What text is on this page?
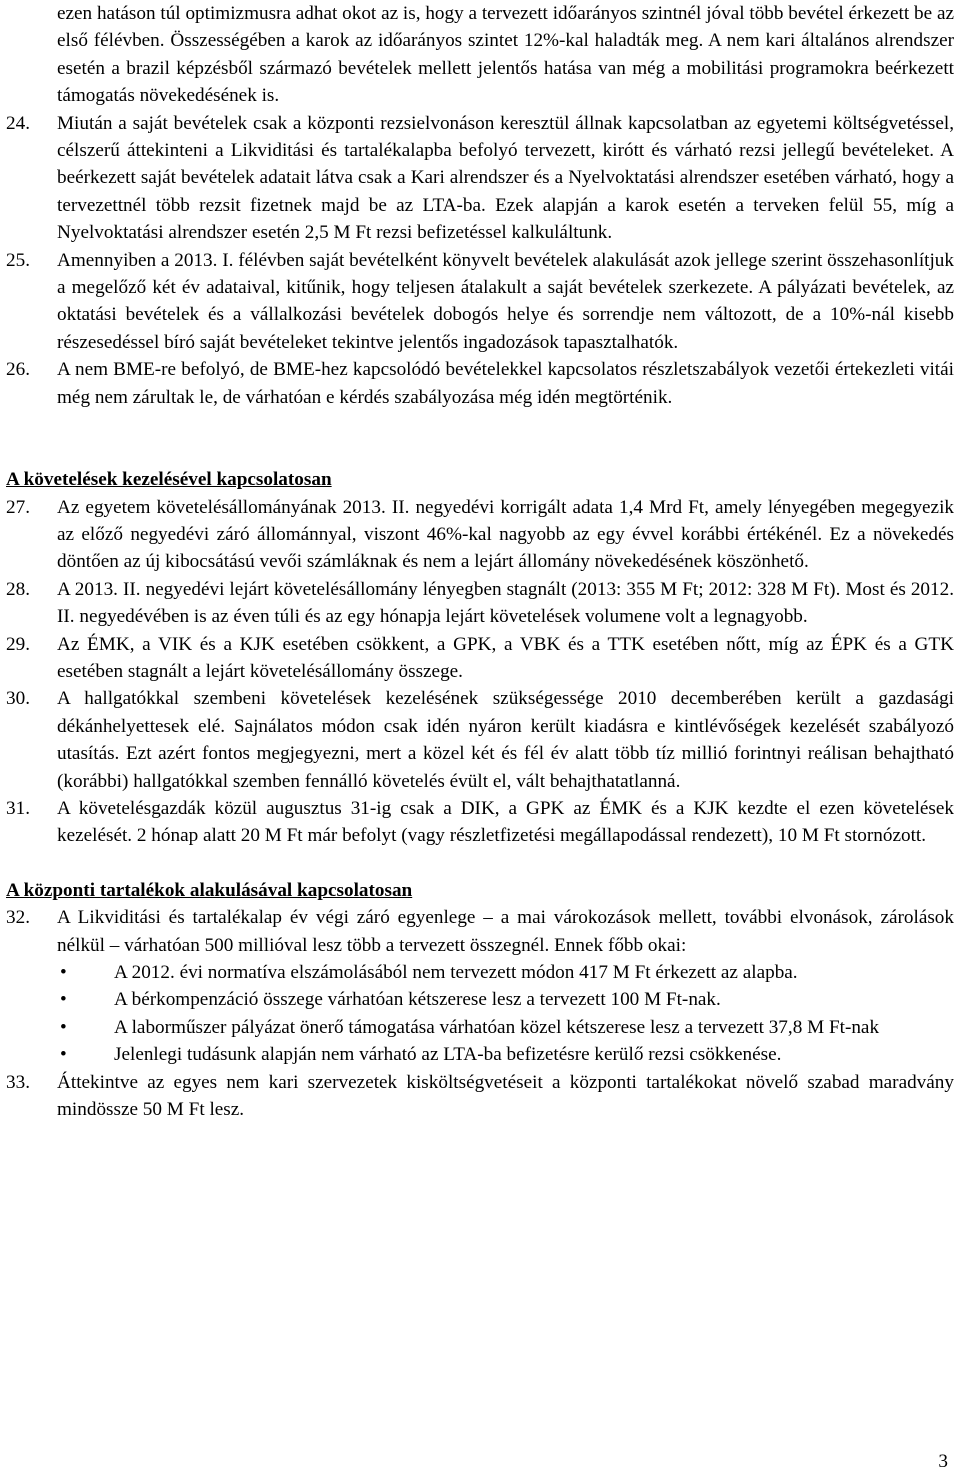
ezen hatáson túl optimizmusra adhat okot az is, hogy a tervezett időarányos szintnél jóval több bevétel érkezett be az első félévben. Összességében a karok az időarányos szintet 12%-kal haladták meg. A nem kari általános alrendszer esetén a brazil képzésből származó bevételek mellett jelentős hatása van még a mobilitási programokra beérkezett támogatás növekedésének is.

24.	Miután a saját bevételek csak a központi rezsielvonáson keresztül állnak kapcsolatban az egyetemi költségvetéssel, célszerű áttekinteni a Likviditási és tartalékalapba befolyó tervezett, kirótt és várható rezsi jellegű bevételeket. A beérkezett saját bevételek adatait látva csak a Kari alrendszer és a Nyelvoktatási alrendszer esetében várható, hogy a tervezettnél több rezsit fizetnek majd be az LTA-ba. Ezek alapján a karok esetén a terveken felül 55, míg a Nyelvoktatási alrendszer esetén 2,5 M Ft rezsi befizetéssel kalkuláltunk.
25.	Amennyiben a 2013. I. félévben saját bevételként könyvelt bevételek alakulását azok jellege szerint összehasonlítjuk a megelőző két év adataival, kitűnik, hogy teljesen átalakult a saját bevételek szerkezete. A pályázati bevételek, az oktatási bevételek és a vállalkozási bevételek dobogós helye és sorrendje nem változott, de a 10%-nál kisebb részesedéssel bíró saját bevételeket tekintve jelentős ingadozások tapasztalhatók.
26.	A nem BME-re befolyó, de BME-hez kapcsolódó bevételekkel kapcsolatos részletszabályok vezetői értekezleti vitái még nem zárultak le, de várhatóan e kérdés szabályozása még idén megtörténik.

A követelések kezelésével kapcsolatosan

27.	Az egyetem követelésállományának 2013. II. negyedévi korrigált adata 1,4 Mrd Ft, amely lényegében megegyezik az előző negyedévi záró állománnyal, viszont 46%-kal nagyobb az egy évvel korábbi értékénél. Ez a növekedés döntően az új kibocsátású vevői számláknak és nem a lejárt állomány növekedésének köszönhető.
28.	A 2013. II. negyedévi lejárt követelésállomány lényegben stagnált (2013: 355 M Ft; 2012: 328 M Ft). Most és 2012. II. negyedévében is az éven túli és az egy hónapja lejárt követelések volumene volt a legnagyobb.
29.	Az ÉMK, a VIK és a KJK esetében csökkent, a GPK, a VBK és a TTK esetében nőtt, míg az ÉPK és a GTK esetében stagnált a lejárt követelésállomány összege.
30.	A hallgatókkal szembeni követelések kezelésének szükségessége 2010 decemberében került a gazdasági dékánhelyettesek elé. Sajnálatos módon csak idén nyáron került kiadásra e kintlévőségek kezelését szabályozó utasítás. Ezt azért fontos megjegyezni, mert a közel két és fél év alatt több tíz millió forintnyi reálisan behajtható (korábbi) hallgatókkal szemben fennálló követelés évült el, vált behajthatatlanná.
31.	A követelésgazdák közül augusztus 31-ig csak a DIK, a GPK az ÉMK és a KJK kezdte el ezen követelések kezelését. 2 hónap alatt 20 M Ft már befolyt (vagy részletfizetési megállapodással rendezett), 10 M Ft stornózott.

A központi tartalékok alakulásával kapcsolatosan

32.	A Likviditási és tartalékalap év végi záró egyenlege – a mai várokozások mellett, további elvonások, zárolások nélkül – várhatóan 500 millióval lesz több a tervezett összegnél. Ennek főbb okai:
•	A 2012. évi normatíva elszámolásából nem tervezett módon 417 M Ft érkezett az alapba.
•	A bérkompenzáció összege várhatóan kétszerese lesz a tervezett 100 M Ft-nak.
•	A laborműszer pályázat önerő támogatása várhatóan közel kétszerese lesz a tervezett 37,8 M Ft-nak
•	Jelenlegi tudásunk alapján nem várható az LTA-ba befizetésre kerülő rezsi csökkenése.
33.	Áttekintve az egyes nem kari szervezetek kisköltségvetéseit a központi tartalékokat növelő szabad maradvány mindössze 50 M Ft lesz.
3
